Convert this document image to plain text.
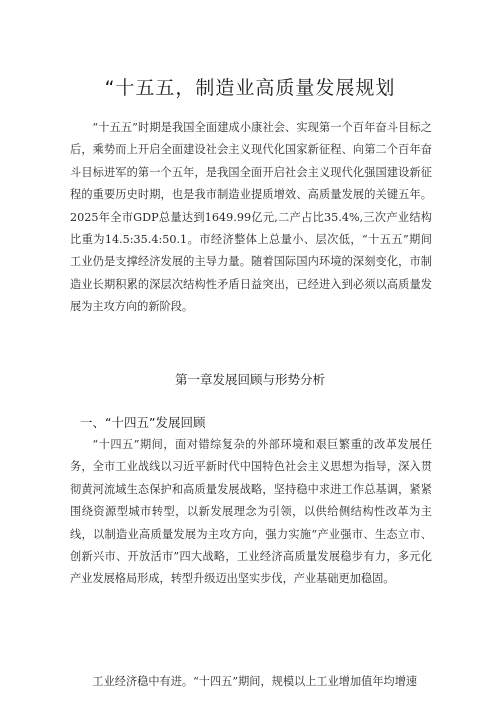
“十五五，制造业高质量发展规划

“十五五”时期是我国全面建成小康社会、实现第一个百年奋斗目标之后，乘势而上开启全面建设社会主义现代化国家新征程、向第二个百年奋斗目标进军的第一个五年，是我国全面开启社会主义现代化强国建设新征程的重要历史时期，也是我市制造业提质增效、高质量发展的关键五年。2025年全市GDP总量达到1649.99亿元,二产占比35.4%,三次产业结构比重为14.5:35.4:50.1。市经济整体上总量小、层次低，“十五五”期间工业仍是支撑经济发展的主导力量。随着国际国内环境的深刻变化，市制造业长期积累的深层次结构性矛盾日益突出，已经进入到必须以高质量发展为主攻方向的新阶段。

第一章发展回顾与形势分析
一、“十四五”发展回顾

“十四五”期间，面对错综复杂的外部环境和艰巨繁重的改革发展任务，全市工业战线以习近平新时代中国特色社会主义思想为指导，深入贯彻黄河流域生态保护和高质量发展战略，坚持稳中求进工作总基调，紧紧围绕资源型城市转型，以新发展理念为引领，以供给侧结构性改革为主线，以制造业高质量发展为主攻方向，强力实施“产业强市、生态立市、创新兴市、开放活市”四大战略，工业经济高质量发展稳步有力，多元化产业发展格局形成，转型升级迈出坚实步伐，产业基础更加稳固。

工业经济稳中有进。“十四五”期间，规模以上工业增加值年均增速
